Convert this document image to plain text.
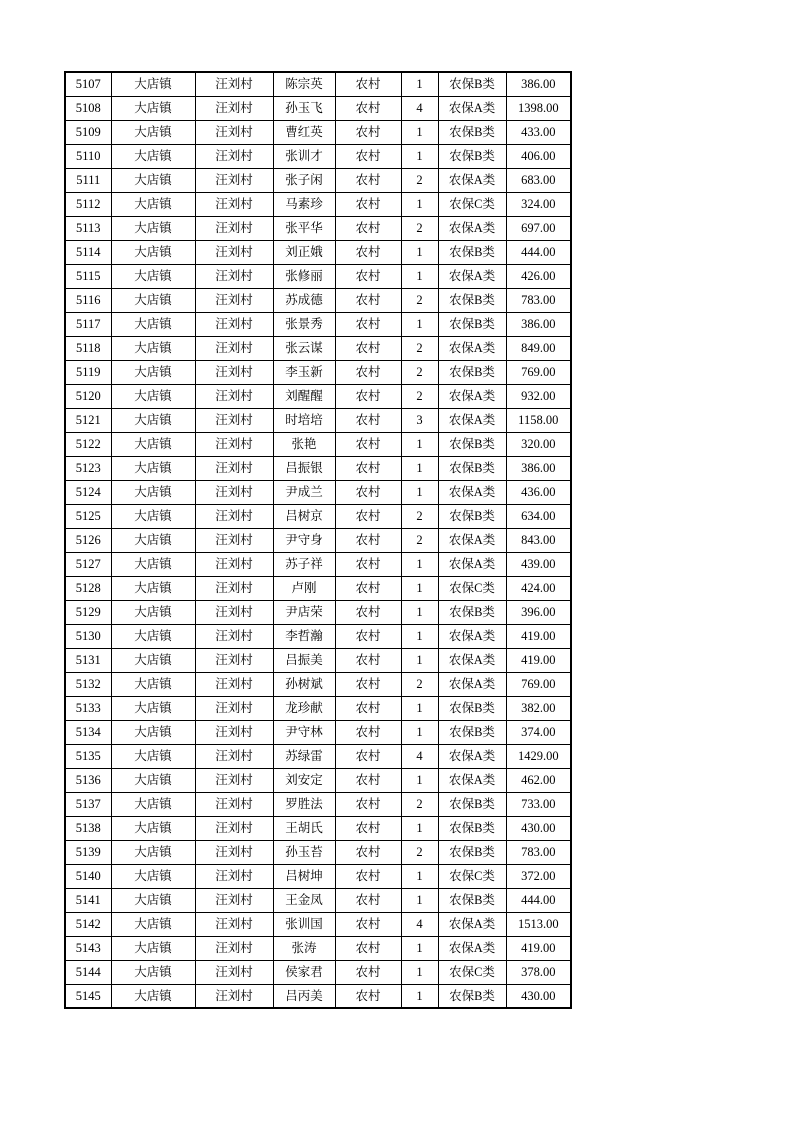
5107	大店镇	汪刘村	陈宗英	农村	1	农保B类	386.00
5108	大店镇	汪刘村	孙玉飞	农村	4	农保A类	1398.00
5109	大店镇	汪刘村	曹红英	农村	1	农保B类	433.00
5110	大店镇	汪刘村	张训才	农村	1	农保B类	406.00
5111	大店镇	汪刘村	张子闲	农村	2	农保A类	683.00
5112	大店镇	汪刘村	马素珍	农村	1	农保C类	324.00
5113	大店镇	汪刘村	张平华	农村	2	农保A类	697.00
5114	大店镇	汪刘村	刘正娥	农村	1	农保B类	444.00
5115	大店镇	汪刘村	张修丽	农村	1	农保A类	426.00
5116	大店镇	汪刘村	苏成德	农村	2	农保B类	783.00
5117	大店镇	汪刘村	张景秀	农村	1	农保B类	386.00
5118	大店镇	汪刘村	张云谋	农村	2	农保A类	849.00
5119	大店镇	汪刘村	李玉新	农村	2	农保B类	769.00
5120	大店镇	汪刘村	刘醒醒	农村	2	农保A类	932.00
5121	大店镇	汪刘村	时培培	农村	3	农保A类	1158.00
5122	大店镇	汪刘村	张艳	农村	1	农保B类	320.00
5123	大店镇	汪刘村	吕振银	农村	1	农保B类	386.00
5124	大店镇	汪刘村	尹成兰	农村	1	农保A类	436.00
5125	大店镇	汪刘村	吕树京	农村	2	农保B类	634.00
5126	大店镇	汪刘村	尹守身	农村	2	农保A类	843.00
5127	大店镇	汪刘村	苏子祥	农村	1	农保A类	439.00
5128	大店镇	汪刘村	卢刚	农村	1	农保C类	424.00
5129	大店镇	汪刘村	尹店荣	农村	1	农保B类	396.00
5130	大店镇	汪刘村	李哲瀚	农村	1	农保A类	419.00
5131	大店镇	汪刘村	吕振美	农村	1	农保A类	419.00
5132	大店镇	汪刘村	孙树斌	农村	2	农保A类	769.00
5133	大店镇	汪刘村	龙珍献	农村	1	农保B类	382.00
5134	大店镇	汪刘村	尹守林	农村	1	农保B类	374.00
5135	大店镇	汪刘村	苏绿雷	农村	4	农保A类	1429.00
5136	大店镇	汪刘村	刘安定	农村	1	农保A类	462.00
5137	大店镇	汪刘村	罗胜法	农村	2	农保B类	733.00
5138	大店镇	汪刘村	王胡氏	农村	1	农保B类	430.00
5139	大店镇	汪刘村	孙玉苔	农村	2	农保B类	783.00
5140	大店镇	汪刘村	吕树坤	农村	1	农保C类	372.00
5141	大店镇	汪刘村	王金凤	农村	1	农保B类	444.00
5142	大店镇	汪刘村	张训国	农村	4	农保A类	1513.00
5143	大店镇	汪刘村	张涛	农村	1	农保A类	419.00
5144	大店镇	汪刘村	侯家君	农村	1	农保C类	378.00
5145	大店镇	汪刘村	吕丙美	农村	1	农保B类	430.00
